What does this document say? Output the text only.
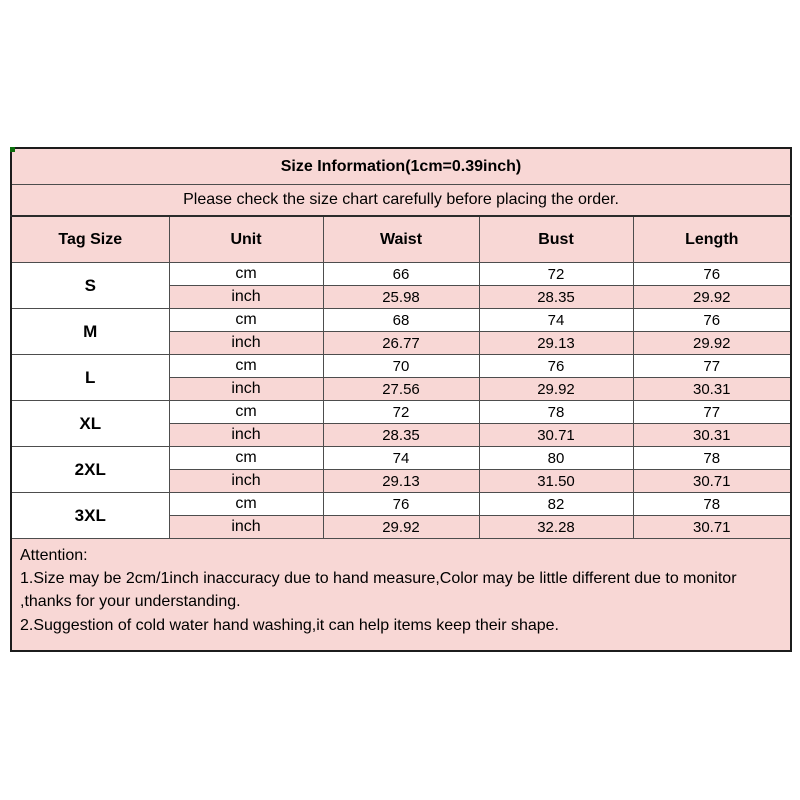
Size Information(1cm=0.39inch)				
Please check the size chart carefully before placing the order.				
Tag Size	Unit	Waist	Bust	Length
S	cm	66	72	76
	inch	25.98	28.35	29.92
M	cm	68	74	76
	inch	26.77	29.13	29.92
L	cm	70	76	77
	inch	27.56	29.92	30.31
XL	cm	72	78	77
	inch	28.35	30.71	30.31
2XL	cm	74	80	78
	inch	29.13	31.50	30.71
3XL	cm	76	82	78
	inch	29.92	32.28	30.71

Attention:
1.Size may be 2cm/1inch inaccuracy due to hand measure,Color may be little different due to monitor
,thanks for your understanding.
2.Suggestion of cold water hand washing,it can help items keep their shape.				
